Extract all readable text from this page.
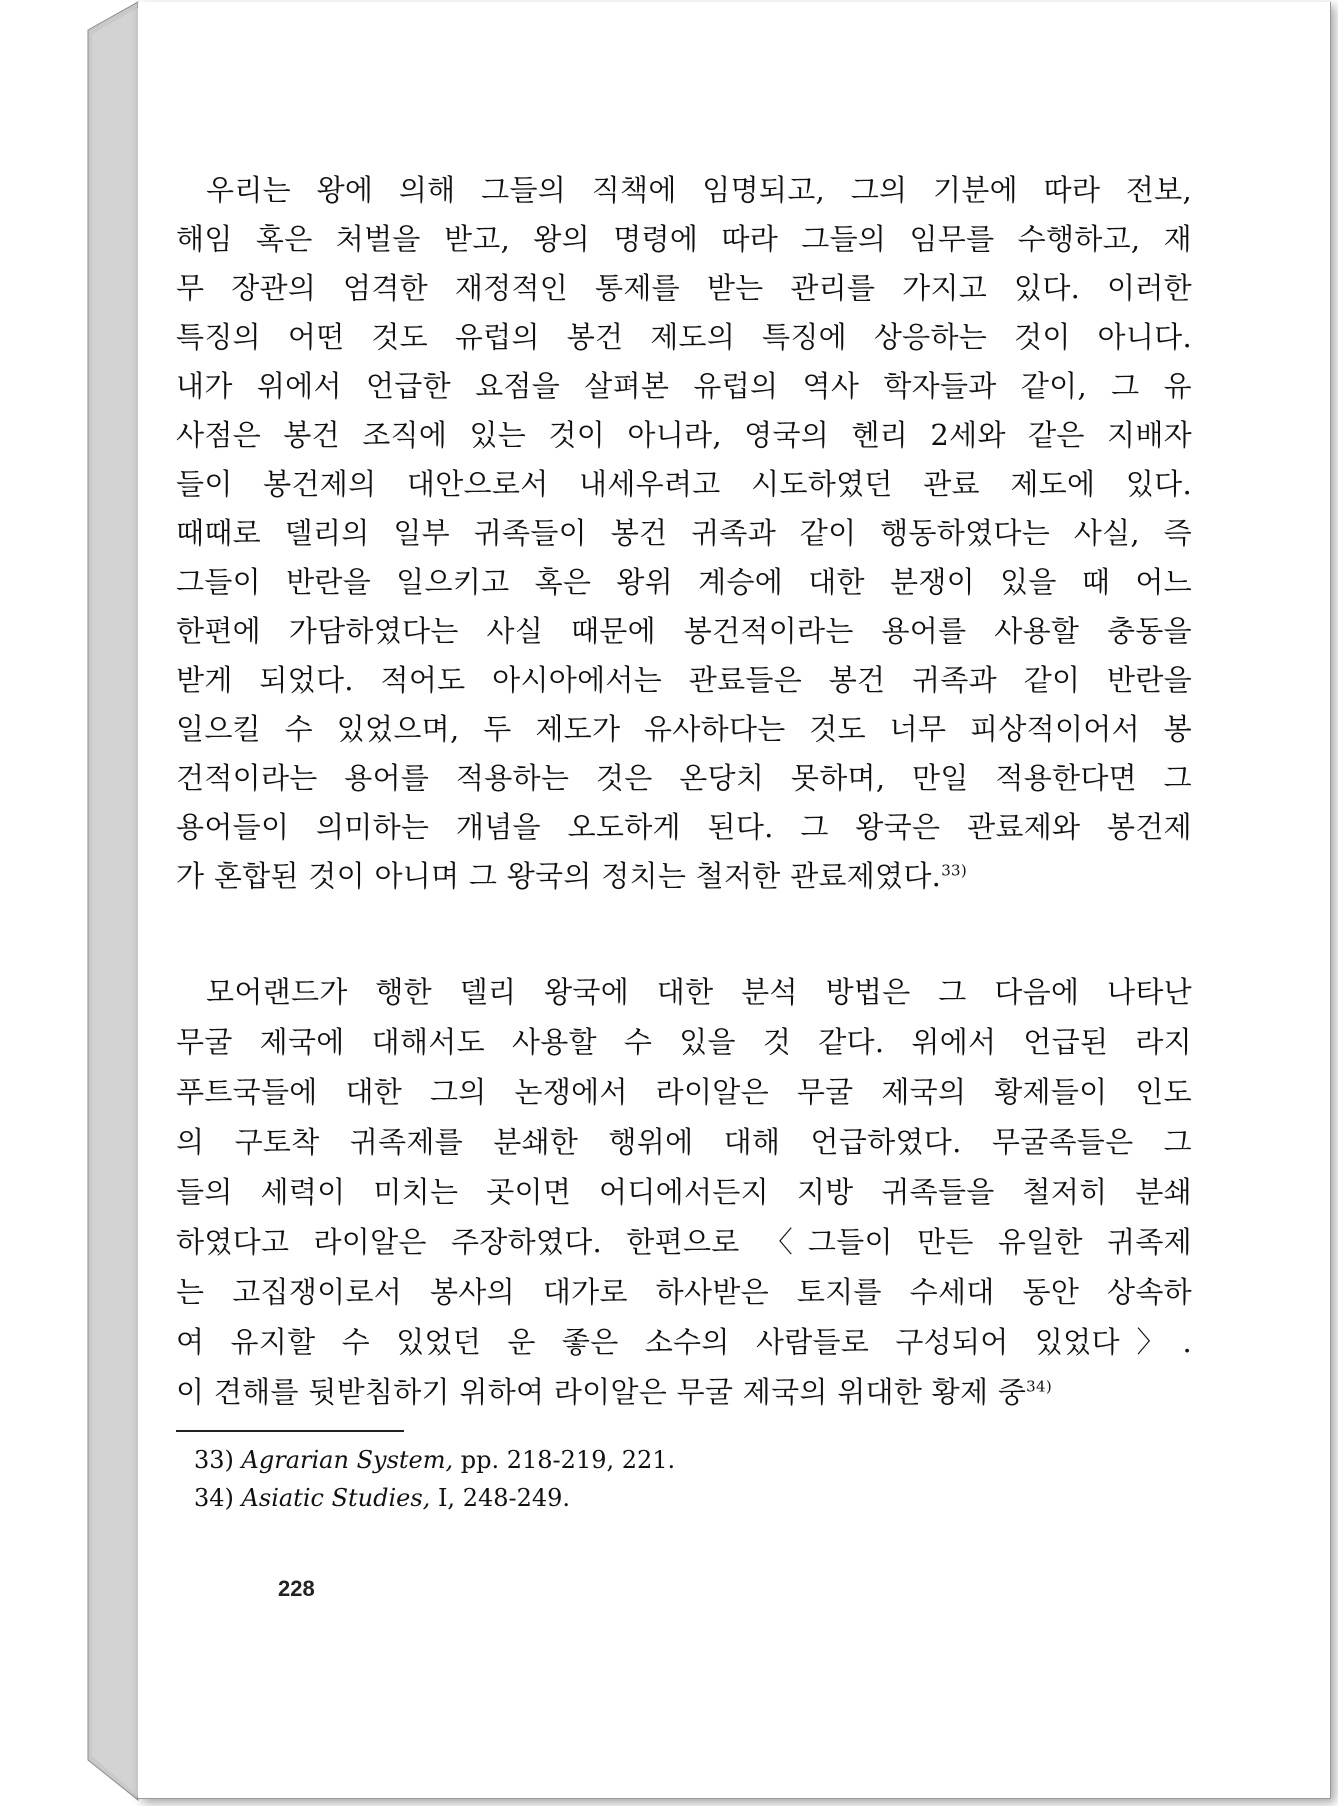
우리는 왕에 의해 그들의 직책에 임명되고, 그의 기분에 따라 전보,
해임 혹은 처벌을 받고, 왕의 명령에 따라 그들의 임무를 수행하고, 재
무 장관의 엄격한 재정적인 통제를 받는 관리를 가지고 있다. 이러한
특징의 어떤 것도 유럽의 봉건 제도의 특징에 상응하는 것이 아니다.
내가 위에서 언급한 요점을 살펴본 유럽의 역사 학자들과 같이, 그 유
사점은 봉건 조직에 있는 것이 아니라, 영국의 헨리 2세와 같은 지배자
들이 봉건제의 대안으로서 내세우려고 시도하였던 관료 제도에 있다.
때때로 델리의 일부 귀족들이 봉건 귀족과 같이 행동하였다는 사실, 즉
그들이 반란을 일으키고 혹은 왕위 계승에 대한 분쟁이 있을 때 어느
한편에 가담하였다는 사실 때문에 봉건적이라는 용어를 사용할 충동을
받게 되었다. 적어도 아시아에서는 관료들은 봉건 귀족과 같이 반란을
일으킬 수 있었으며, 두 제도가 유사하다는 것도 너무 피상적이어서 봉
건적이라는 용어를 적용하는 것은 온당치 못하며, 만일 적용한다면 그
용어들이 의미하는 개념을 오도하게 된다. 그 왕국은 관료제와 봉건제
가 혼합된 것이 아니며 그 왕국의 정치는 철저한 관료제였다.$^{33)}$
모어랜드가 행한 델리 왕국에 대한 분석 방법은 그 다음에 나타난
무굴 제국에 대해서도 사용할 수 있을 것 같다. 위에서 언급된 라지
푸트국들에 대한 그의 논쟁에서 라이알은 무굴 제국의 황제들이 인도
의 구토착 귀족제를 분쇄한 행위에 대해 언급하였다. 무굴족들은 그
들의 세력이 미치는 곳이면 어디에서든지 지방 귀족들을 철저히 분쇄
하였다고 라이알은 주장하였다. 한편으로 〈그들이 만든 유일한 귀족제
는 고집쟁이로서 봉사의 대가로 하사받은 토지를 수세대 동안 상속하
여 유지할 수 있었던 운 좋은 소수의 사람들로 구성되어 있었다〉.
이 견해를 뒷받침하기 위하여 라이알은 무굴 제국의 위대한 황제 중$^{34)}$
33) Agrarian System, pp. 218-219, 221.
34) Asiatic Studies, I, 248-249.
228
